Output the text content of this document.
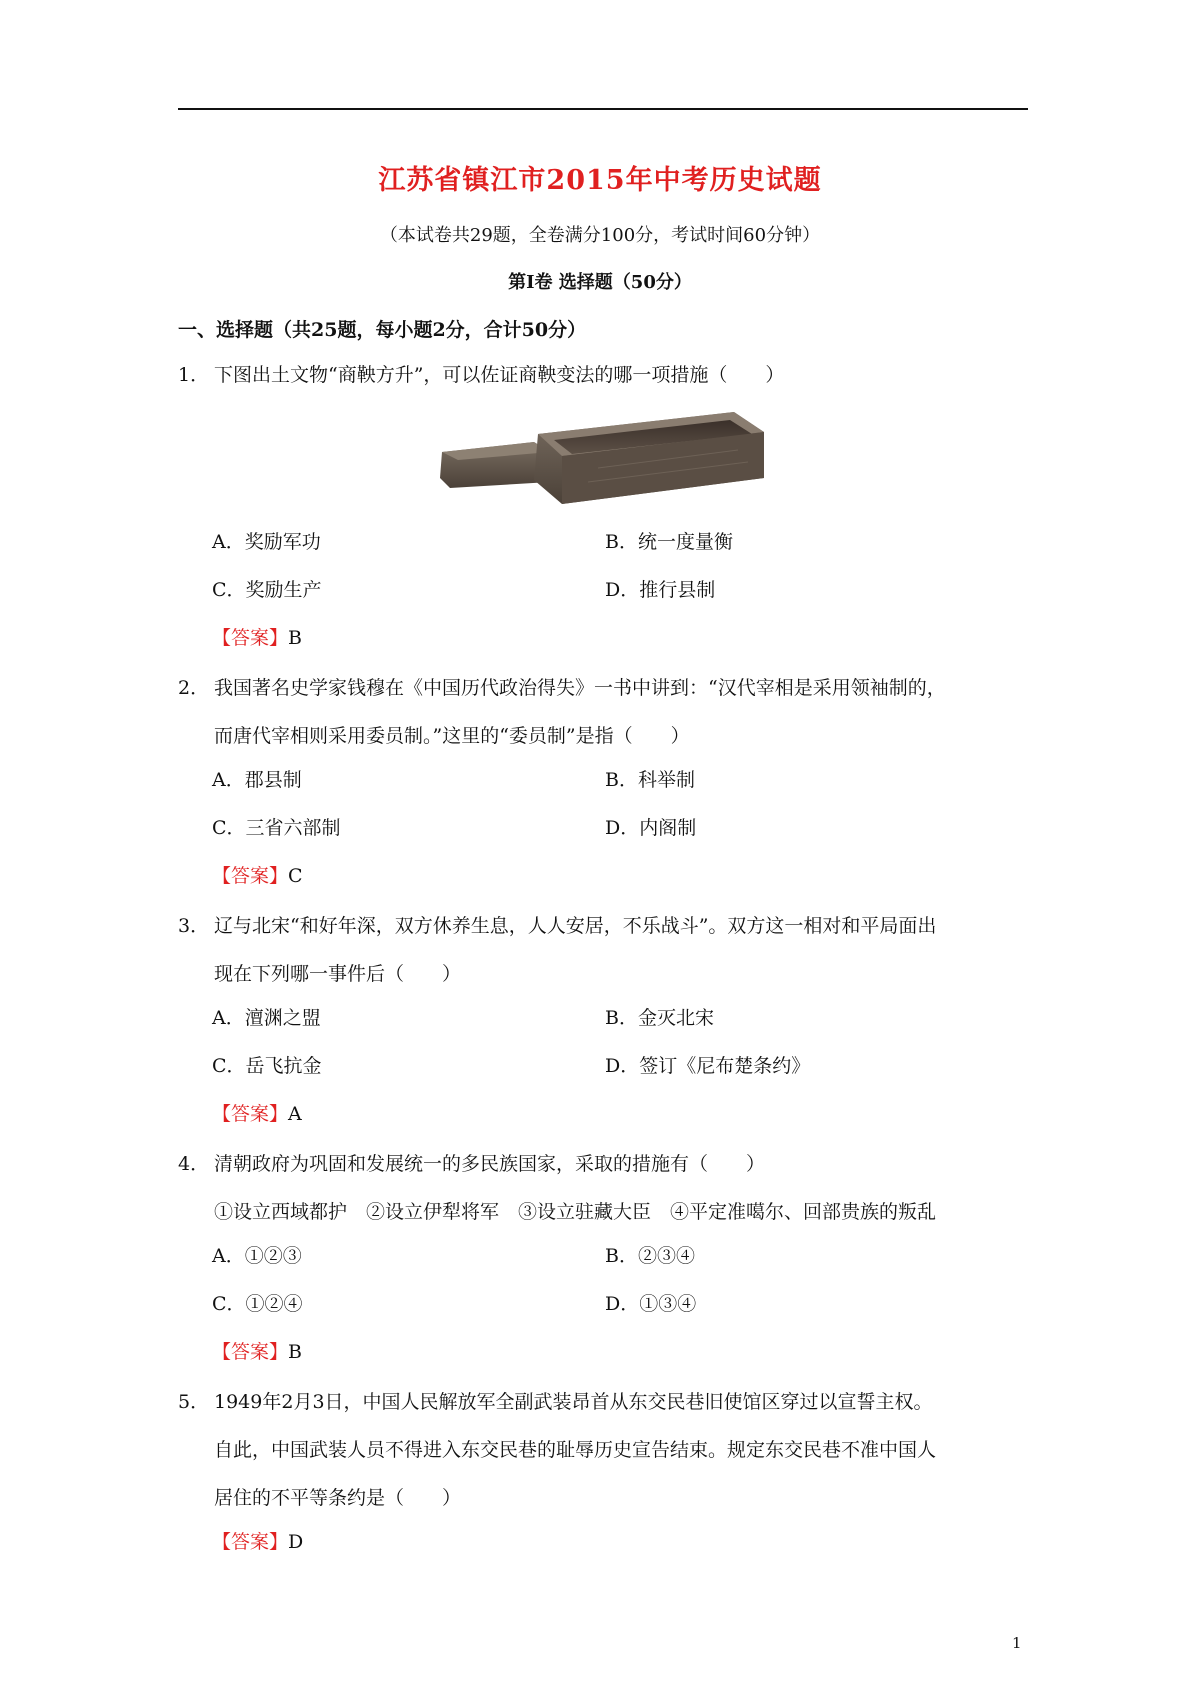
江苏省镇江市2015年中考历史试题
（本试卷共29题，全卷满分100分，考试时间60分钟）
第Ⅰ卷 选择题（50分）
一、选择题（共25题，每小题2分，合计50分）
1． 下图出土文物“商鞅方升”，可以佐证商鞅变法的哪一项措施（　　）
A．奖励军功	B．统一度量衡
C．奖励生产	D．推行县制
【答案】B
2． 我国著名史学家钱穆在《中国历代政治得失》一书中讲到：“汉代宰相是采用领袖制的，
而唐代宰相则采用委员制。”这里的“委员制”是指（　　）
A．郡县制	B．科举制
C．三省六部制	D．内阁制
【答案】C
3． 辽与北宋“和好年深，双方休养生息，人人安居，不乐战斗”。双方这一相对和平局面出
现在下列哪一事件后（　　）
A．澶渊之盟	B．金灭北宋
C．岳飞抗金	D．签订《尼布楚条约》
【答案】A
4． 清朝政府为巩固和发展统一的多民族国家，采取的措施有（　　）
①设立西域都护　②设立伊犁将军　③设立驻藏大臣　④平定准噶尔、回部贵族的叛乱
A．①②③	B．②③④
C．①②④	D．①③④
【答案】B
5． 1949年2月3日，中国人民解放军全副武装昂首从东交民巷旧使馆区穿过以宣誓主权。
自此，中国武装人员不得进入东交民巷的耻辱历史宣告结束。规定东交民巷不准中国人
居住的不平等条约是（　　）
【答案】D
1
